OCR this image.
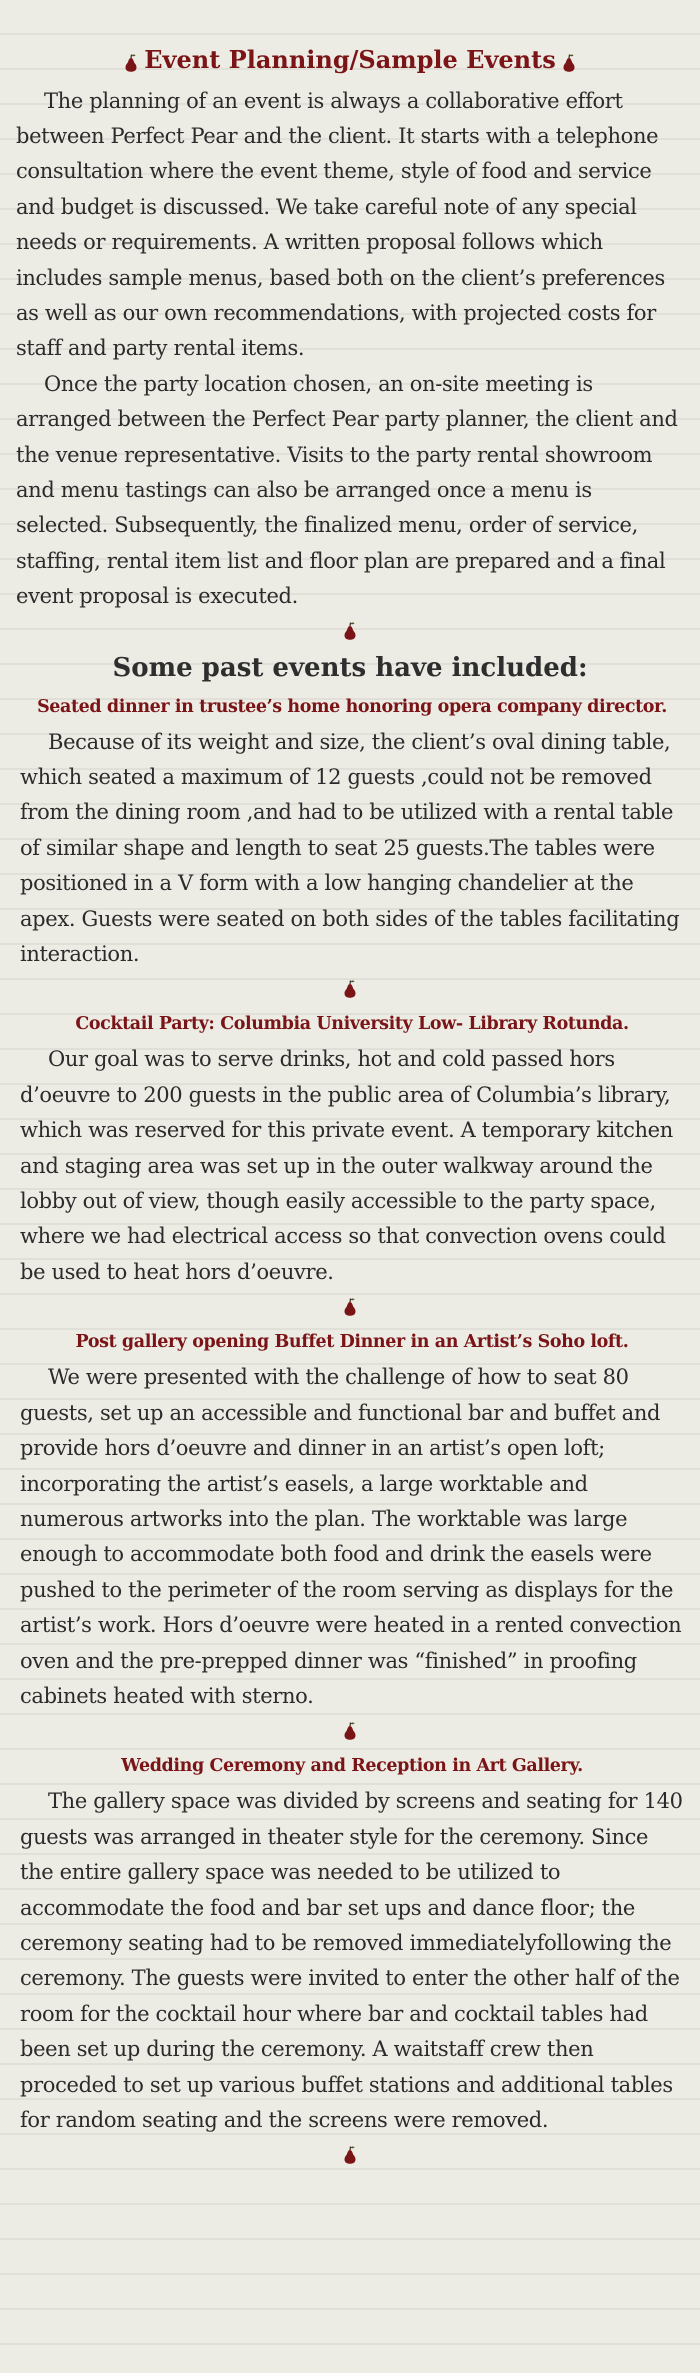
Event Planning/Sample Events

The planning of an event is always a collaborative effort between Perfect Pear and the client. It starts with a telephone consultation where the event theme, style of food and service and budget is discussed. We take careful note of any special needs or requirements. A written proposal follows which includes sample menus, based both on the client’s preferences as well as our own recommendations, with projected costs for staff and party rental items.

Once the party location chosen, an on-site meeting is arranged between the Perfect Pear party planner, the client and the venue representative. Visits to the party rental showroom and menu tastings can also be arranged once a menu is selected. Subsequently, the finalized menu, order of service, staffing, rental item list and floor plan are prepared and a final event proposal is executed.

Some past events have included:
Seated dinner in trustee’s home honoring opera company director.

Because of its weight and size, the client’s oval dining table, which seated a maximum of 12 guests ,could not be removed from the dining room ,and had to be utilized with a rental table of similar shape and length to seat 25 guests.The tables were positioned in a V form with a low hanging chandelier at the apex. Guests were seated on both sides of the tables facilitating interaction.

Cocktail Party: Columbia University Low- Library Rotunda.

Our goal was to serve drinks, hot and cold passed hors d’oeuvre to 200 guests in the public area of Columbia’s library, which was reserved for this private event. A temporary kitchen and staging area was set up in the outer walkway around the lobby out of view, though easily accessible to the party space, where we had electrical access so that convection ovens could be used to heat hors d’oeuvre.

Post gallery opening Buffet Dinner in an Artist’s Soho loft.

We were presented with the challenge of how to seat 80 guests, set up an accessible and functional bar and buffet and provide hors d’oeuvre and dinner in an artist’s open loft; incorporating the artist’s easels, a large worktable and numerous artworks into the plan. The worktable was large enough to accommodate both food and drink the easels were pushed to the perimeter of the room serving as displays for the artist’s work. Hors d’oeuvre were heated in a rented convection oven and the pre-prepped dinner was “finished” in proofing cabinets heated with sterno.

Wedding Ceremony and Reception in Art Gallery.

The gallery space was divided by screens and seating for 140 guests was arranged in theater style for the ceremony. Since the entire gallery space was needed to be utilized to accommodate the food and bar set ups and dance floor; the ceremony seating had to be removed immediatelyfollowing the ceremony. The guests were invited to enter the other half of the room for the cocktail hour where bar and cocktail tables had been set up during the ceremony. A waitstaff crew then proceded to set up various buffet stations and additional tables for random seating and the screens were removed.
